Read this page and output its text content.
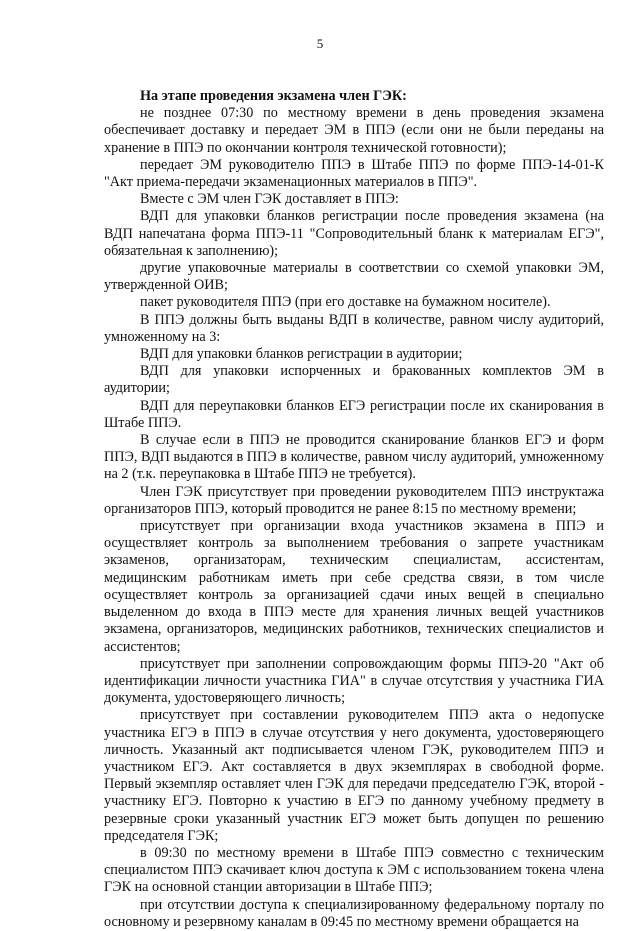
5

На этапе проведения экзамена член ГЭК:

не позднее 07:30 по местному времени в день проведения экзамена обеспечивает доставку и передает ЭМ в ППЭ (если они не были переданы на хранение в ППЭ по окончании контроля технической готовности);

передает ЭМ руководителю ППЭ в Штабе ППЭ по форме ППЭ-14-01-К "Акт приема-передачи экзаменационных материалов в ППЭ".

Вместе с ЭМ член ГЭК доставляет в ППЭ:

ВДП для упаковки бланков регистрации после проведения экзамена (на ВДП напечатана форма ППЭ-11 "Сопроводительный бланк к материалам ЕГЭ", обязательная к заполнению);

другие упаковочные материалы в соответствии со схемой упаковки ЭМ, утвержденной ОИВ;

пакет руководителя ППЭ (при его доставке на бумажном носителе).

В ППЭ должны быть выданы ВДП в количестве, равном числу аудиторий, умноженному на 3:

ВДП для упаковки бланков регистрации в аудитории;

ВДП для упаковки испорченных и бракованных комплектов ЭМ в аудитории;

ВДП для переупаковки бланков ЕГЭ регистрации после их сканирования в Штабе ППЭ.

В случае если в ППЭ не проводится сканирование бланков ЕГЭ и форм ППЭ, ВДП выдаются в ППЭ в количестве, равном числу аудиторий, умноженному на 2 (т.к. переупаковка в Штабе ППЭ не требуется).

Член ГЭК присутствует при проведении руководителем ППЭ инструктажа организаторов ППЭ, который проводится не ранее 8:15 по местному времени;

присутствует при организации входа участников экзамена в ППЭ и осуществляет контроль за выполнением требования о запрете участникам экзаменов, организаторам, техническим специалистам, ассистентам, медицинским работникам иметь при себе средства связи, в том числе осуществляет контроль за организацией сдачи иных вещей в специально выделенном до входа в ППЭ месте для хранения личных вещей участников экзамена, организаторов, медицинских работников, технических специалистов и ассистентов;

присутствует при заполнении сопровождающим формы ППЭ-20 "Акт об идентификации личности участника ГИА" в случае отсутствия у участника ГИА документа, удостоверяющего личность;

присутствует при составлении руководителем ППЭ акта о недопуске участника ЕГЭ в ППЭ в случае отсутствия у него документа, удостоверяющего личность. Указанный акт подписывается членом ГЭК, руководителем ППЭ и участником ЕГЭ. Акт составляется в двух экземплярах в свободной форме. Первый экземпляр оставляет член ГЭК для передачи председателю ГЭК, второй - участнику ЕГЭ. Повторно к участию в ЕГЭ по данному учебному предмету в резервные сроки указанный участник ЕГЭ может быть допущен по решению председателя ГЭК;

в 09:30 по местному времени в Штабе ППЭ совместно с техническим специалистом ППЭ скачивает ключ доступа к ЭМ с использованием токена члена ГЭК на основной станции авторизации в Штабе ППЭ;

при отсутствии доступа к специализированному федеральному порталу по основному и резервному каналам в 09:45 по местному времени обращается на
